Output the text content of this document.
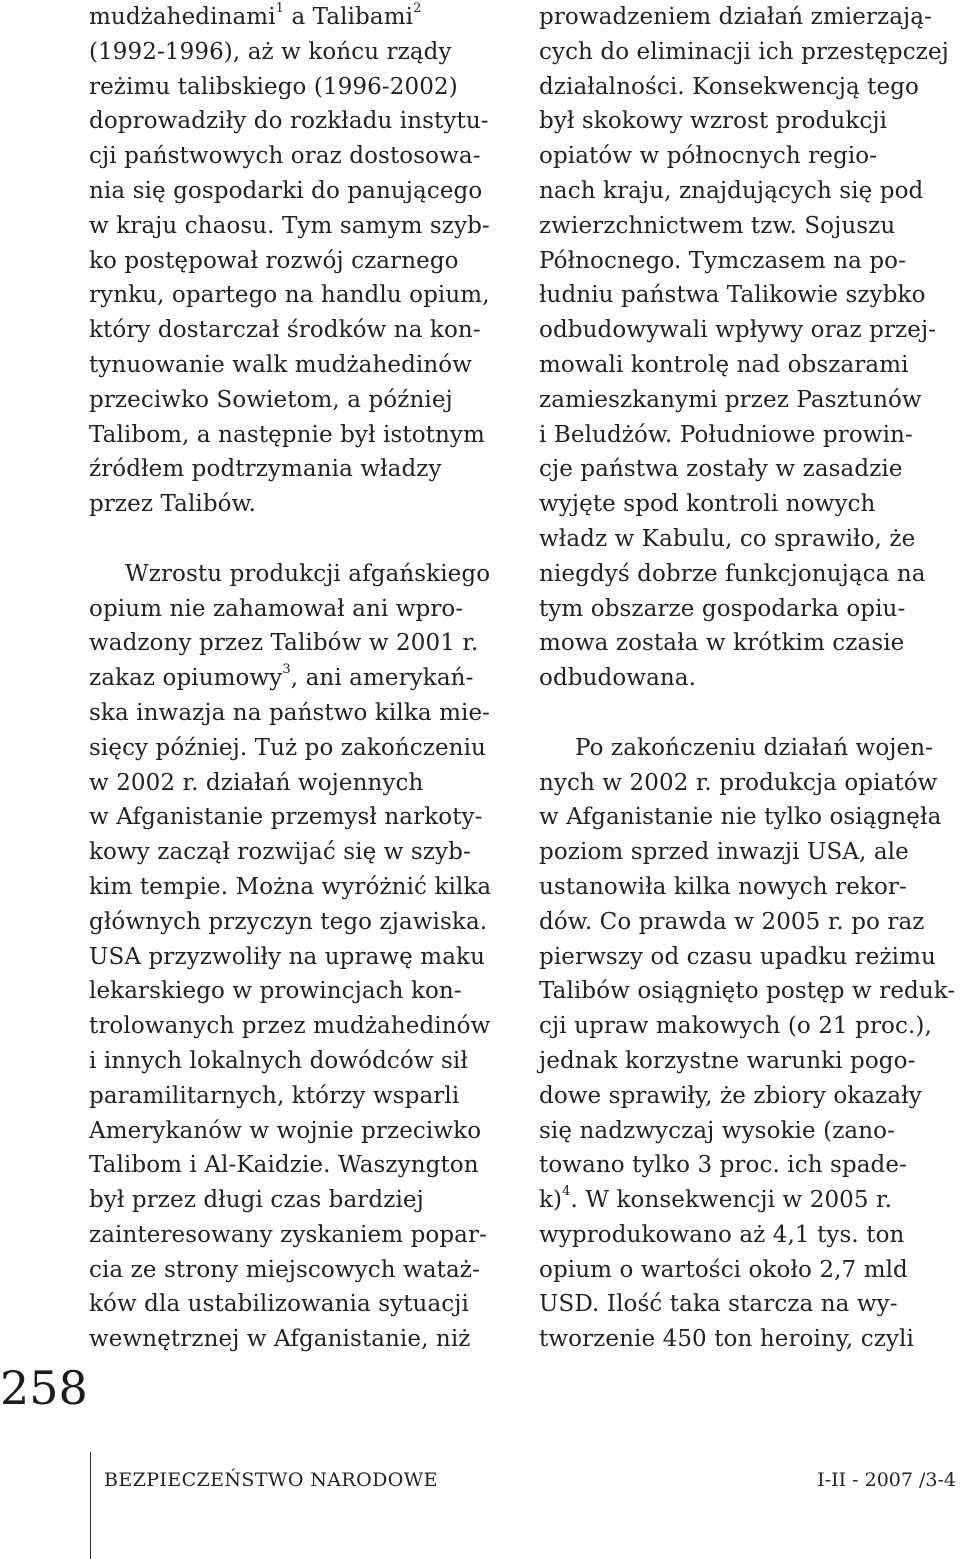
mudżahedinami$^1$ a Talibami$^2$
(1992-1996), aż w końcu rządy
reżimu talibskiego (1996-2002)
doprowadziły do rozkładu instytu-
cji państwowych oraz dostosowa-
nia się gospodarki do panującego
w kraju chaosu. Tym samym szyb-
ko postępował rozwój czarnego
rynku, opartego na handlu opium,
który dostarczał środków na kon-
tynuowanie walk mudżahedinów
przeciwko Sowietom, a później
Talibom, a następnie był istotnym
źródłem podtrzymania władzy
przez Talibów.
Wzrostu produkcji afgańskiego
opium nie zahamował ani wpro-
wadzony przez Talibów w 2001 r.
zakaz opiumowy$^3$, ani amerykań-
ska inwazja na państwo kilka mie-
sięcy później. Tuż po zakończeniu
w 2002 r. działań wojennych
w Afganistanie przemysł narkoty-
kowy zaczął rozwijać się w szyb-
kim tempie. Można wyróżnić kilka
głównych przyczyn tego zjawiska.
USA przyzwoliły na uprawę maku
lekarskiego w prowincjach kon-
trolowanych przez mudżahedinów
i innych lokalnych dowódców sił
paramilitarnych, którzy wsparli
Amerykanów w wojnie przeciwko
Talibom i Al-Kaidzie. Waszyngton
był przez długi czas bardziej
zainteresowany zyskaniem popar-
cia ze strony miejscowych wataż-
ków dla ustabilizowania sytuacji
wewnętrznej w Afganistanie, niż
prowadzeniem działań zmierzają-
cych do eliminacji ich przestępczej
działalności. Konsekwencją tego
był skokowy wzrost produkcji
opiatów w północnych regio-
nach kraju, znajdujących się pod
zwierzchnictwem tzw. Sojuszu
Północnego. Tymczasem na po-
łudniu państwa Talikowie szybko
odbudowywali wpływy oraz przej-
mowali kontrolę nad obszarami
zamieszkanymi przez Pasztunów
i Beludżów. Południowe prowin-
cje państwa zostały w zasadzie
wyjęte spod kontroli nowych
władz w Kabulu, co sprawiło, że
niegdyś dobrze funkcjonująca na
tym obszarze gospodarka opiu-
mowa została w krótkim czasie
odbudowana.
Po zakończeniu działań wojen-
nych w 2002 r. produkcja opiatów
w Afganistanie nie tylko osiągnęła
poziom sprzed inwazji USA, ale
ustanowiła kilka nowych rekor-
dów. Co prawda w 2005 r. po raz
pierwszy od czasu upadku reżimu
Talibów osiągnięto postęp w reduk-
cji upraw makowych (o 21 proc.),
jednak korzystne warunki pogo-
dowe sprawiły, że zbiory okazały
się nadzwyczaj wysokie (zano-
towano tylko 3 proc. ich spade-
k)$^4$. W konsekwencji w 2005 r.
wyprodukowano aż 4,1 tys. ton
opium o wartości około 2,7 mld
USD. Ilość taka starcza na wy-
tworzenie 450 ton heroiny, czyli
258
BEZPIECZEŃSTWO NARODOWE	I-II - 2007 /3-4
